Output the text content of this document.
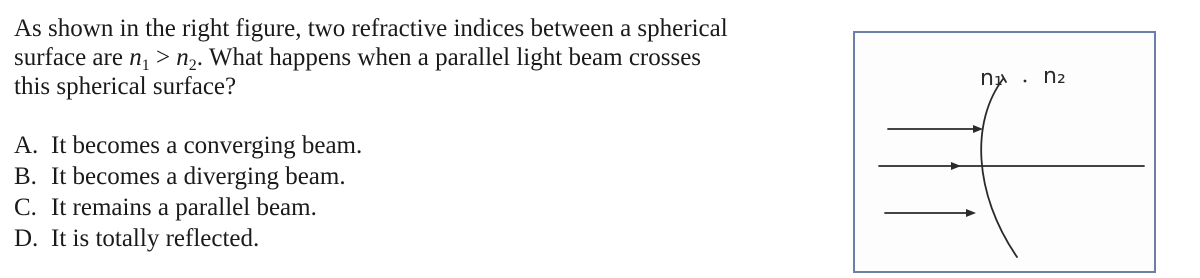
As shown in the right figure, two refractive indices between a spherical

surface are $n_1 > n_2$. What happens when a parallel light beam crosses

this spherical surface?

A. It becomes a converging beam.
B. It becomes a diverging beam.
C. It remains a parallel beam.
D. It is totally reflected.
n₁ n₂
